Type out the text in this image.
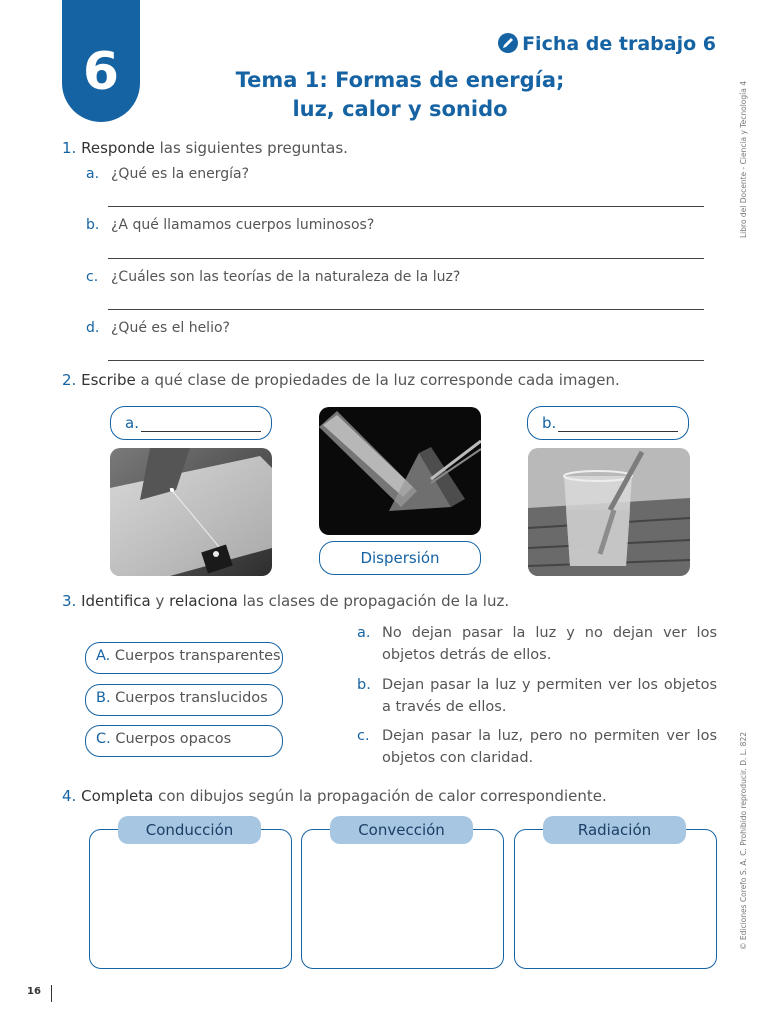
6	Ficha de trabajo 6
Tema 1: Formas de energía;
luz, calor y sonido	Libro del Docente - Ciencia y Tecnología 4
© Ediciones Corefo S. A. C. Prohibido reproducir. D. L. 822
1. Responde las siguientes preguntas.
a. ¿Qué es la energía?
b. ¿A qué llamamos cuerpos luminosos?
c. ¿Cuáles son las teorías de la naturaleza de la luz?
d. ¿Qué es el helio?
2. Escribe a qué clase de propiedades de la luz corresponde cada imagen.
a.	b.
Dispersión
3. Identifica y relaciona las clases de propagación de la luz.
A. Cuerpos transparentes
B. Cuerpos translucidos
C. Cuerpos opacos
a. No dejan pasar la luz y no dejan ver los objetos detrás de ellos.
b. Dejan pasar la luz y permiten ver los objetos a través de ellos.
c. Dejan pasar la luz, pero no permiten ver los objetos con claridad.
4. Completa con dibujos según la propagación de calor correspondiente.
Conducción	Convección	Radiación
16
